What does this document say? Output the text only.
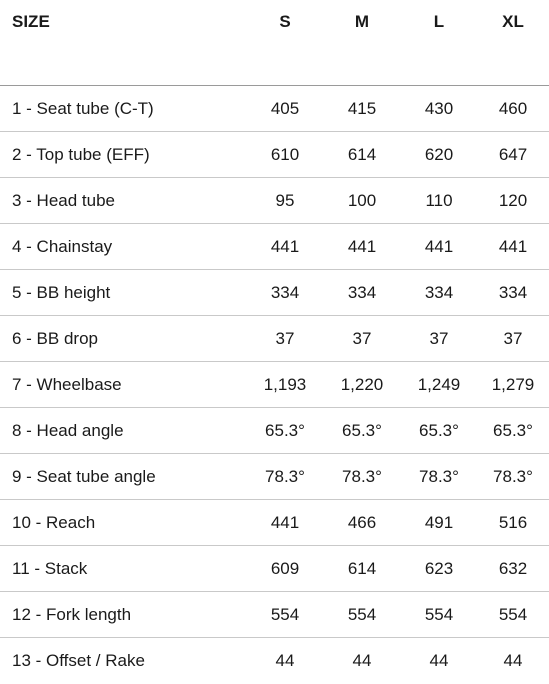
SIZE	S	M	L	XL
1 - Seat tube (C-T)	405	415	430	460
2 - Top tube (EFF)	610	614	620	647
3 - Head tube	95	100	110	120
4 - Chainstay	441	441	441	441
5 - BB height	334	334	334	334
6 - BB drop	37	37	37	37
7 - Wheelbase	1,193	1,220	1,249	1,279
8 - Head angle	65.3°	65.3°	65.3°	65.3°
9 - Seat tube angle	78.3°	78.3°	78.3°	78.3°
10 - Reach	441	466	491	516
11 - Stack	609	614	623	632
12 - Fork length	554	554	554	554
13 - Offset / Rake	44	44	44	44
